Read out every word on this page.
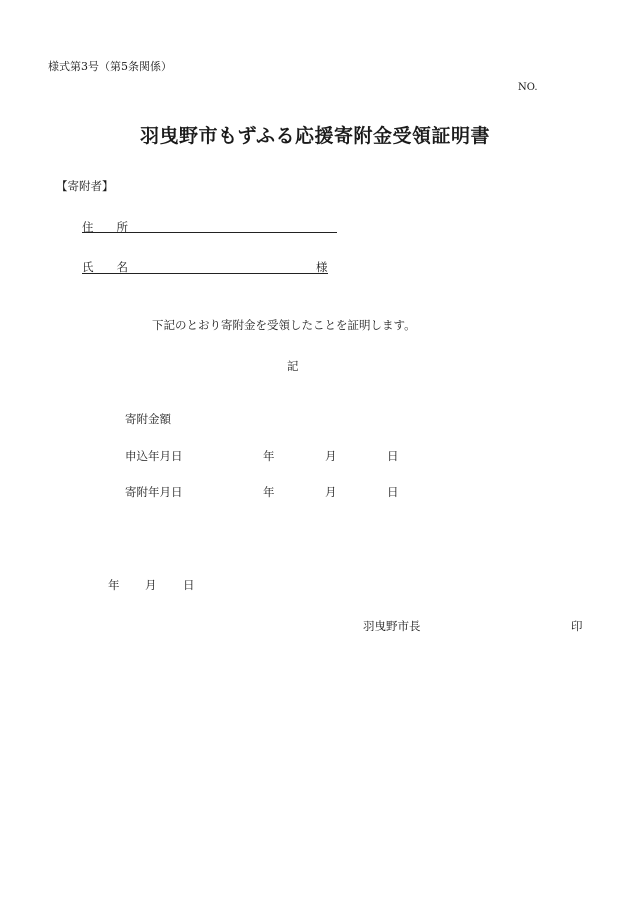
様式第3号（第5条関係）
NO.
羽曳野市もずふる応援寄附金受領証明書
【寄附者】
住　　所
氏　　名	様
下記のとおり寄附金を受領したことを証明します。
記
寄附金額
申込年月日	年	月	日
寄附年月日	年	月	日
年 月 日
羽曳野市長	印
